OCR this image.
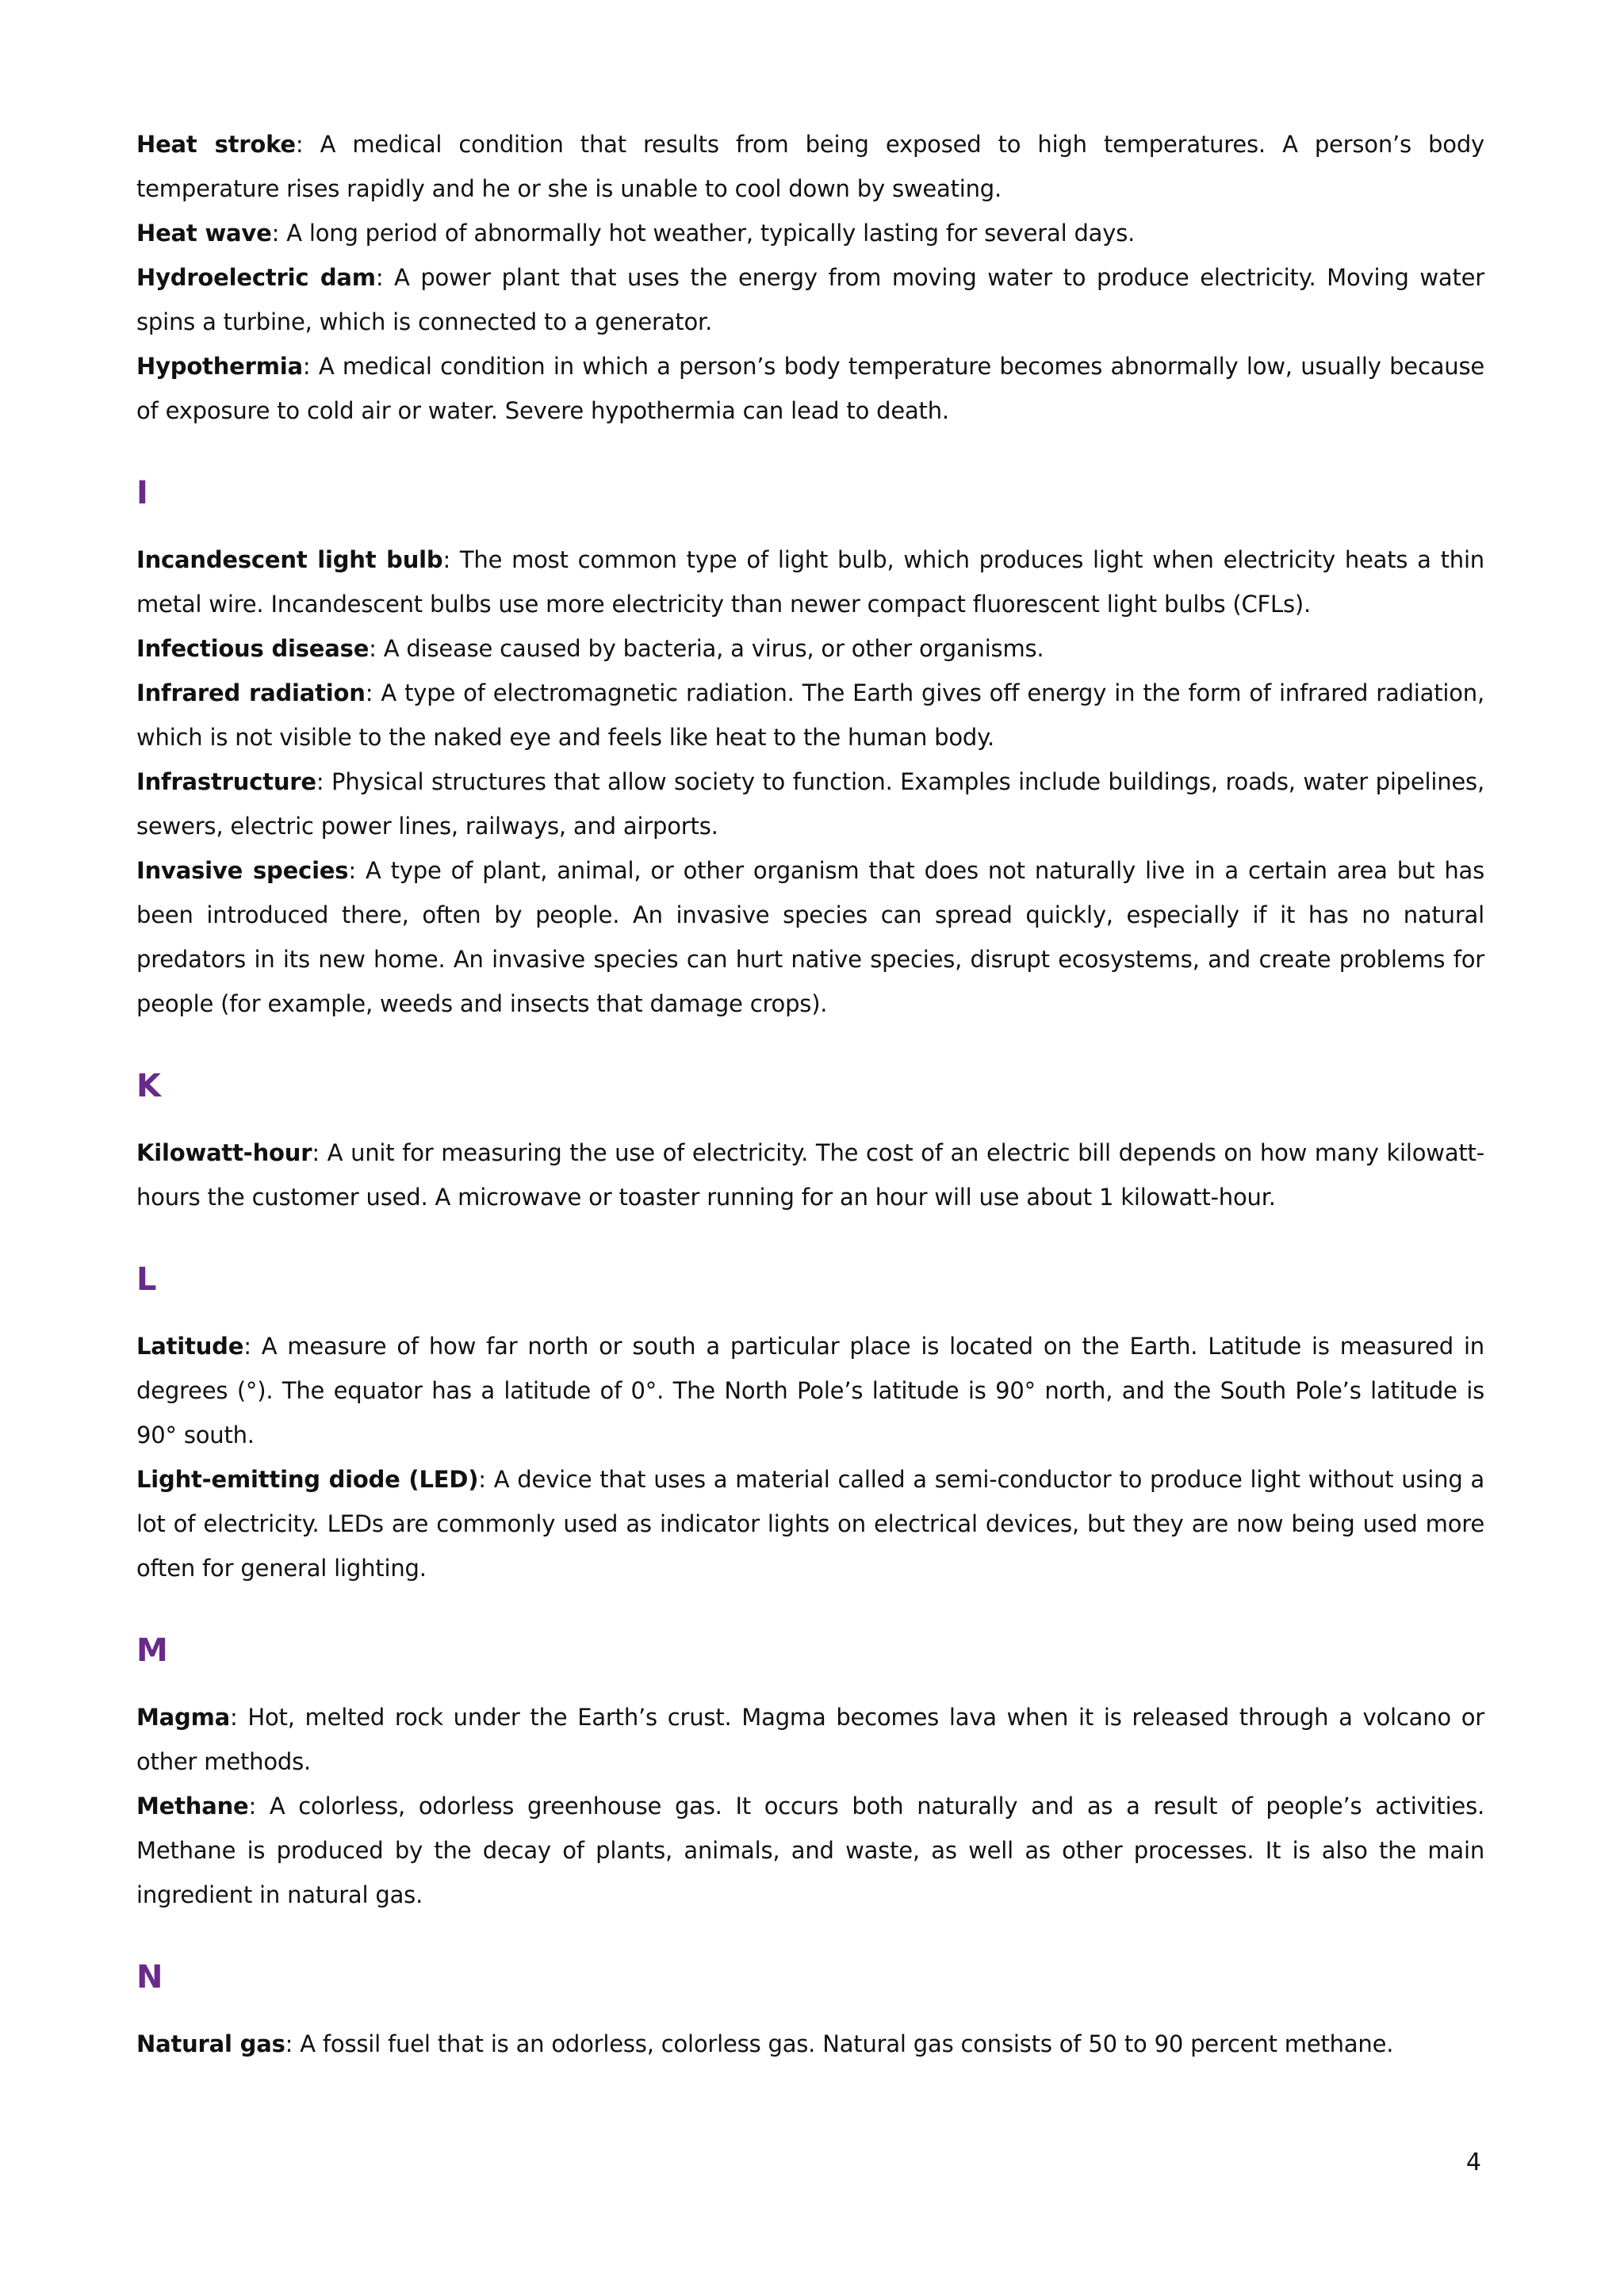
Heat stroke: A medical condition that results from being exposed to high temperatures. A person’s body temperature rises rapidly and he or she is unable to cool down by sweating.

Heat wave: A long period of abnormally hot weather, typically lasting for several days.

Hydroelectric dam: A power plant that uses the energy from moving water to produce electricity. Moving water spins a turbine, which is connected to a generator.

Hypothermia: A medical condition in which a person’s body temperature becomes abnormally low, usually because of exposure to cold air or water. Severe hypothermia can lead to death.

I

Incandescent light bulb: The most common type of light bulb, which produces light when electricity heats a thin metal wire. Incandescent bulbs use more electricity than newer compact fluorescent light bulbs (CFLs).

Infectious disease: A disease caused by bacteria, a virus, or other organisms.

Infrared radiation: A type of electromagnetic radiation. The Earth gives off energy in the form of infrared radiation, which is not visible to the naked eye and feels like heat to the human body.

Infrastructure: Physical structures that allow society to function. Examples include buildings, roads, water pipelines, sewers, electric power lines, railways, and airports.

Invasive species: A type of plant, animal, or other organism that does not naturally live in a certain area but has been introduced there, often by people. An invasive species can spread quickly, especially if it has no natural predators in its new home. An invasive species can hurt native species, disrupt ecosystems, and create problems for people (for example, weeds and insects that damage crops).

K

Kilowatt-hour: A unit for measuring the use of electricity. The cost of an electric bill depends on how many kilowatt-hours the customer used. A microwave or toaster running for an hour will use about 1 kilowatt-hour.

L

Latitude: A measure of how far north or south a particular place is located on the Earth. Latitude is measured in degrees (°). The equator has a latitude of 0°. The North Pole’s latitude is 90° north, and the South Pole’s latitude is 90° south.

Light-emitting diode (LED): A device that uses a material called a semi-conductor to produce light without using a lot of electricity. LEDs are commonly used as indicator lights on electrical devices, but they are now being used more often for general lighting.

M

Magma: Hot, melted rock under the Earth’s crust. Magma becomes lava when it is released through a volcano or other methods.

Methane: A colorless, odorless greenhouse gas. It occurs both naturally and as a result of people’s activities. Methane is produced by the decay of plants, animals, and waste, as well as other processes. It is also the main ingredient in natural gas.

N

Natural gas: A fossil fuel that is an odorless, colorless gas. Natural gas consists of 50 to 90 percent methane.

4
